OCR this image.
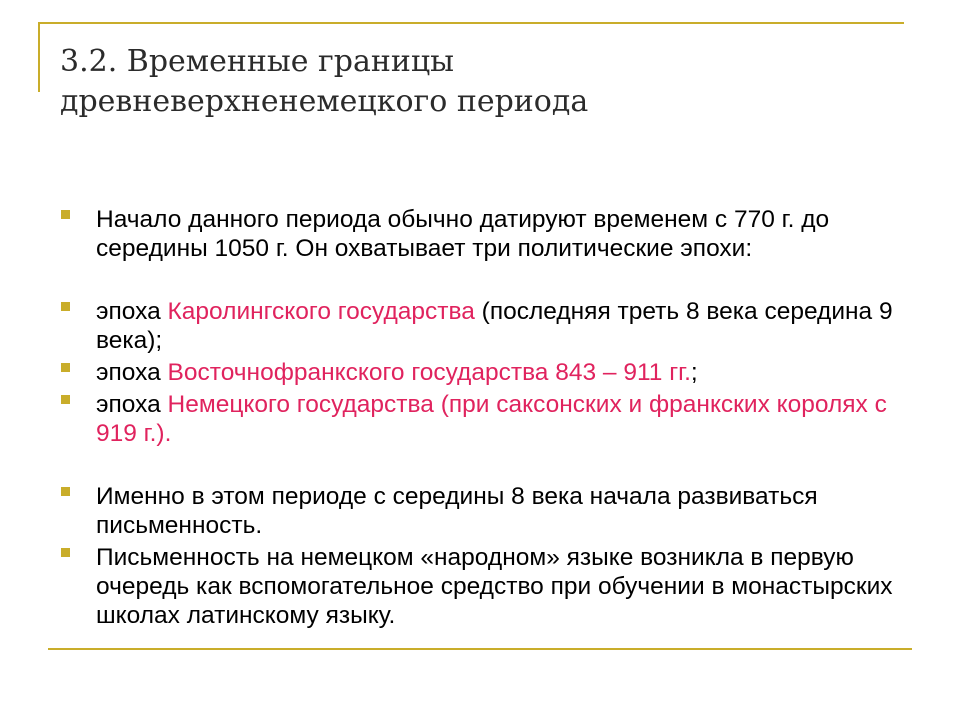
3.2. Временные границы
древневерхненемецкого периода
Начало данного периода обычно датируют временем с 770 г. до середины 1050 г. Он охватывает три политические эпохи:
эпоха Каролингского государства (последняя треть 8 века середина 9 века);
эпоха Восточнофранкского государства 843 – 911 гг.;
эпоха Немецкого государства (при саксонских и франкских королях с 919 г.).
Именно в этом периоде с середины 8 века начала развиваться письменность.
Письменность на немецком «народном» языке возникла в первую очередь как вспомогательное средство при обучении в монастырских школах латинскому языку.
